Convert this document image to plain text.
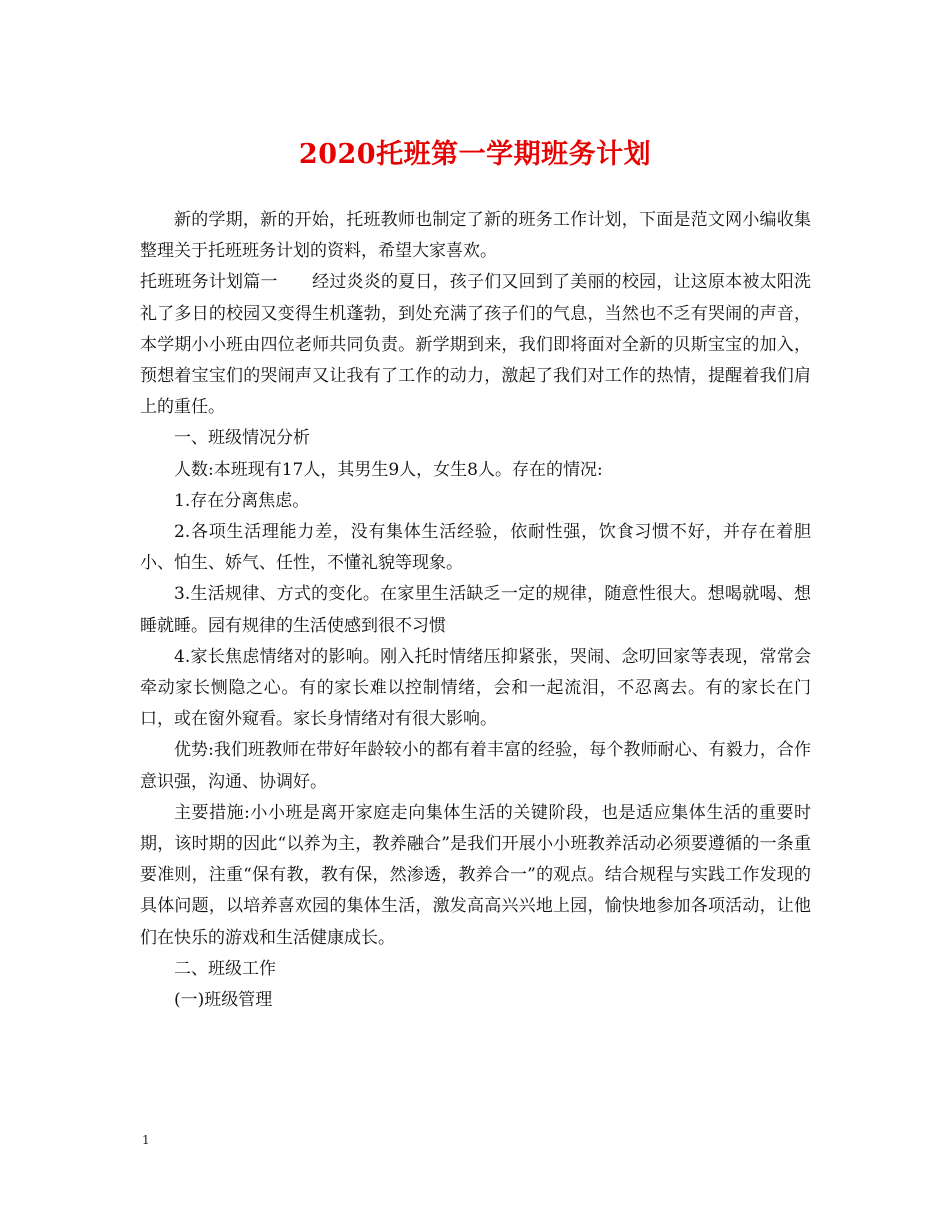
2020托班第一学期班务计划

新的学期，新的开始，托班教师也制定了新的班务工作计划，下面是范文网小编收集整理关于托班班务计划的资料，希望大家喜欢。

托班班务计划篇一　　经过炎炎的夏日，孩子们又回到了美丽的校园，让这原本被太阳洗礼了多日的校园又变得生机蓬勃，到处充满了孩子们的气息，当然也不乏有哭闹的声音，本学期小小班由四位老师共同负责。新学期到来，我们即将面对全新的贝斯宝宝的加入，预想着宝宝们的哭闹声又让我有了工作的动力，激起了我们对工作的热情，提醒着我们肩上的重任。

一、班级情况分析

人数:本班现有17人，其男生9人，女生8人。存在的情况:

1.存在分离焦虑。

2.各项生活理能力差，没有集体生活经验，依耐性强，饮食习惯不好，并存在着胆小、怕生、娇气、任性，不懂礼貌等现象。

3.生活规律、方式的变化。在家里生活缺乏一定的规律，随意性很大。想喝就喝、想睡就睡。园有规律的生活使感到很不习惯

4.家长焦虑情绪对的影响。刚入托时情绪压抑紧张，哭闹、念叨回家等表现，常常会牵动家长恻隐之心。有的家长难以控制情绪，会和一起流泪，不忍离去。有的家长在门口，或在窗外窥看。家长身情绪对有很大影响。

优势:我们班教师在带好年龄较小的都有着丰富的经验，每个教师耐心、有毅力，合作意识强，沟通、协调好。

主要措施:小小班是离开家庭走向集体生活的关键阶段，也是适应集体生活的重要时期，该时期的因此“以养为主，教养融合”是我们开展小小班教养活动必须要遵循的一条重要准则，注重“保有教，教有保，然渗透，教养合一”的观点。结合规程与实践工作发现的具体问题，以培养喜欢园的集体生活，激发高高兴兴地上园，愉快地参加各项活动，让他们在快乐的游戏和生活健康成长。

二、班级工作

(一)班级管理

1
